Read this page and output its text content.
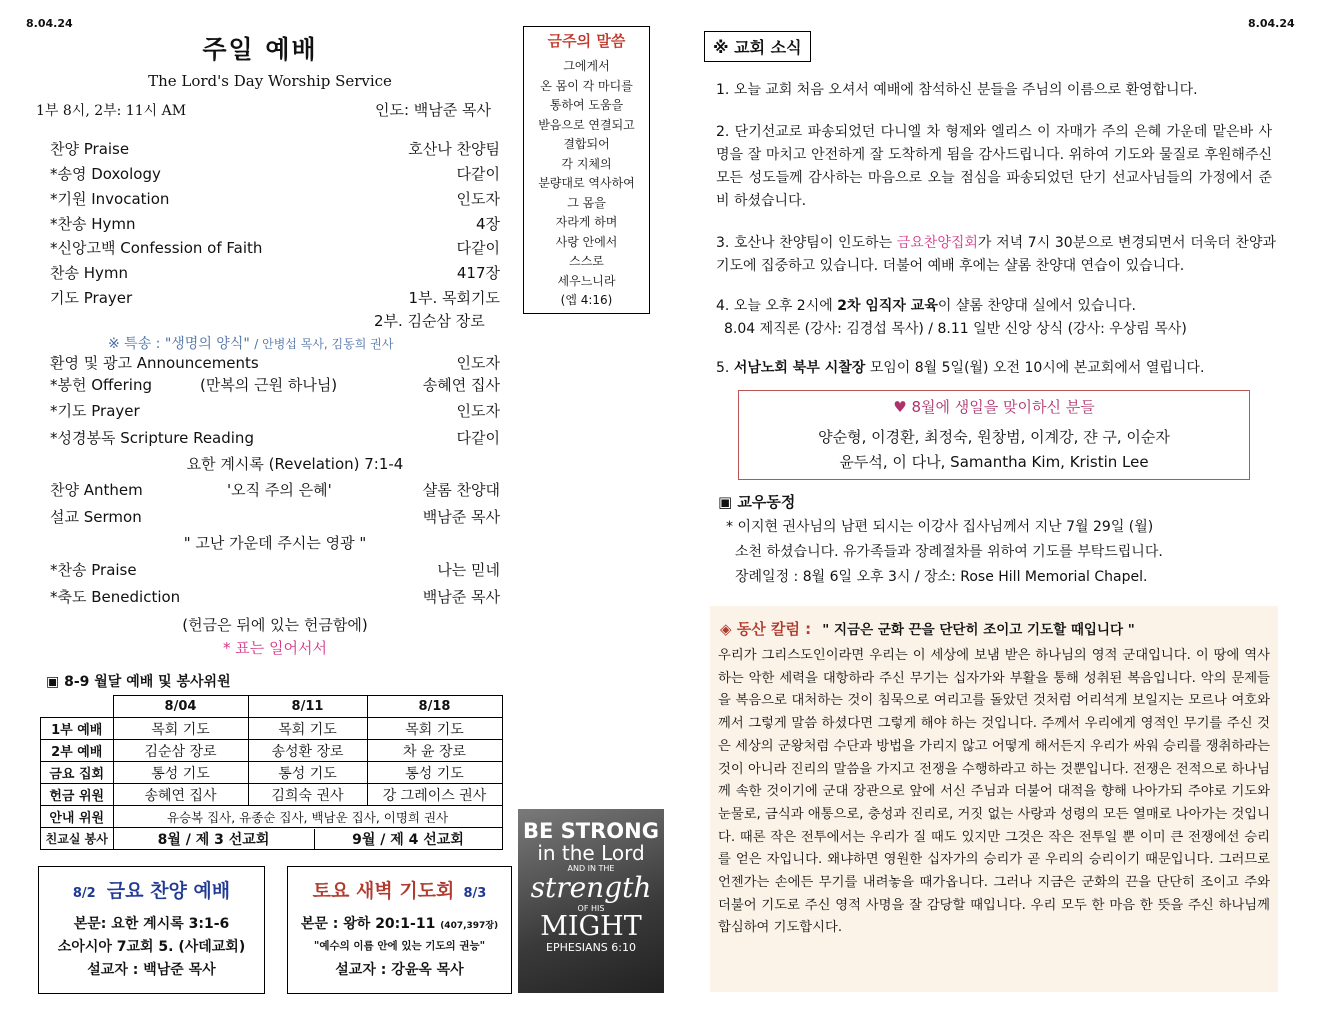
8.04.24
주일 예배
The Lord's Day Worship Service
1부 8시, 2부: 11시 AM	인도: 백남준 목사
찬양 Praise	호산나 찬양팀
*송영 Doxology	다같이
*기원 Invocation	인도자
*찬송 Hymn	4장
*신앙고백 Confession of Faith	다같이
찬송 Hymn	417장
기도 Prayer	1부. 목회기도
2부. 김순삼 장로
※ 특송 : "생명의 양식" / 안병섭 목사, 김동희 권사
환영 및 광고 Announcements	인도자
*봉헌 Offering	(만복의 근원 하나님)	송혜연 집사
*기도 Prayer	인도자
*성경봉독 Scripture Reading	다같이
요한 계시록 (Revelation) 7:1-4
찬양 Anthem	'오직 주의 은혜'	샬롬 찬양대
설교 Sermon	백남준 목사
" 고난 가운데 주시는 영광 "
*찬송 Praise	나는 믿네
*축도 Benediction	백남준 목사
(헌금은 뒤에 있는 헌금함에)
* 표는 일어서서
금주의 말씀
그에게서
온 몸이 각 마디를
통하여 도움을
받음으로 연결되고
결합되어
각 지체의
분량대로 역사하여
그 몸을
자라게 하며
사랑 안에서
스스로
세우느니라
(엡 4:16)
▣ 8-9 월달 예배 및 봉사위원
	8/04	8/11	8/18
1부 예배	목회 기도	목회 기도	목회 기도
2부 예배	김순삼 장로	송성환 장로	차 윤 장로
금요 집회	통성 기도	통성 기도	통성 기도
헌금 위원	송혜연 집사	김희숙 권사	강 그레이스 권사
안내 위원	유승복 집사, 유종순 집사, 백남운 집사, 이명희 권사		
친교실 봉사	8월 / 제 3 선교회 9월 / 제 4 선교회		
8/2 금요 찬양 예배
본문: 요한 계시록 3:1-6
소아시아 7교회 5. (사데교회)
설교자 : 백남준 목사
토요 새벽 기도회 8/3
본문 : 왕하 20:1-11 (407,397장)
"예수의 이름 안에 있는 기도의 권능"
설교자 : 강윤옥 목사
BE STRONG
in the Lord
AND IN THE
strength
OF HIS
MIGHT
EPHESIANS 6:10
8.04.24
※ 교회 소식
1. 오늘 교회 처음 오셔서 예배에 참석하신 분들을 주님의 이름으로 환영합니다.
2. 단기선교로 파송되었던 다니엘 차 형제와 엘리스 이 자매가 주의 은혜 가운데 맡은바 사명을 잘 마치고 안전하게 잘 도착하게 됨을 감사드립니다. 위하여 기도와 물질로 후원해주신 모든 성도들께 감사하는 마음으로 오늘 점심을 파송되었던 단기 선교사님들의 가정에서 준비 하셨습니다.
3. 호산나 찬양팀이 인도하는 금요찬양집회가 저녁 7시 30분으로 변경되면서 더욱더 찬양과 기도에 집중하고 있습니다. 더불어 예배 후에는 샬롬 찬양대 연습이 있습니다.
4. 오늘 오후 2시에 2차 임직자 교육이 샬롬 찬양대 실에서 있습니다.
8.04 제직론 (강사: 김경섭 목사) / 8.11 일반 신앙 상식 (강사: 우상림 목사)
5. 서남노회 북부 시찰장 모임이 8월 5일(월) 오전 10시에 본교회에서 열립니다.
♥ 8월에 생일을 맞이하신 분들
양순형, 이경환, 최정숙, 원창범, 이계강, 쟌 구, 이순자
윤두석, 이 다나, Samantha Kim, Kristin Lee
▣ 교우동정
* 이지현 권사님의 남편 되시는 이강사 집사님께서 지난 7월 29일 (월)
소천 하셨습니다. 유가족들과 장례절차를 위하여 기도를 부탁드립니다.
장례일정 : 8월 6일 오후 3시 / 장소: Rose Hill Memorial Chapel.
◈ 동산 칼럼 : " 지금은 군화 끈을 단단히 조이고 기도할 때입니다 "
우리가 그리스도인이라면 우리는 이 세상에 보냄 받은 하나님의 영적 군대입니다. 이 땅에 역사하는 악한 세력을 대항하라 주신 무기는 십자가와 부활을 통해 성취된 복음입니다. 악의 문제들을 복음으로 대처하는 것이 침묵으로 여리고를 돌았던 것처럼 어리석게 보일지는 모르나 여호와께서 그렇게 말씀 하셨다면 그렇게 해야 하는 것입니다. 주께서 우리에게 영적인 무기를 주신 것은 세상의 군왕처럼 수단과 방법을 가리지 않고 어떻게 해서든지 우리가 싸워 승리를 쟁취하라는 것이 아니라 진리의 말씀을 가지고 전쟁을 수행하라고 하는 것뿐입니다. 전쟁은 전적으로 하나님께 속한 것이기에 군대 장관으로 앞에 서신 주님과 더불어 대적을 향해 나아가되 주야로 기도와 눈물로, 금식과 애통으로, 충성과 진리로, 거짓 없는 사랑과 성령의 모든 열매로 나아가는 것입니다. 때론 작은 전투에서는 우리가 질 때도 있지만 그것은 작은 전투일 뿐 이미 큰 전쟁에선 승리를 얻은 자입니다. 왜냐하면 영원한 십자가의 승리가 곧 우리의 승리이기 때문입니다. 그러므로 언젠가는 손에든 무기를 내려놓을 때가옵니다. 그러나 지금은 군화의 끈을 단단히 조이고 주와 더불어 기도로 주신 영적 사명을 잘 감당할 때입니다. 우리 모두 한 마음 한 뜻을 주신 하나님께 합심하여 기도합시다.
